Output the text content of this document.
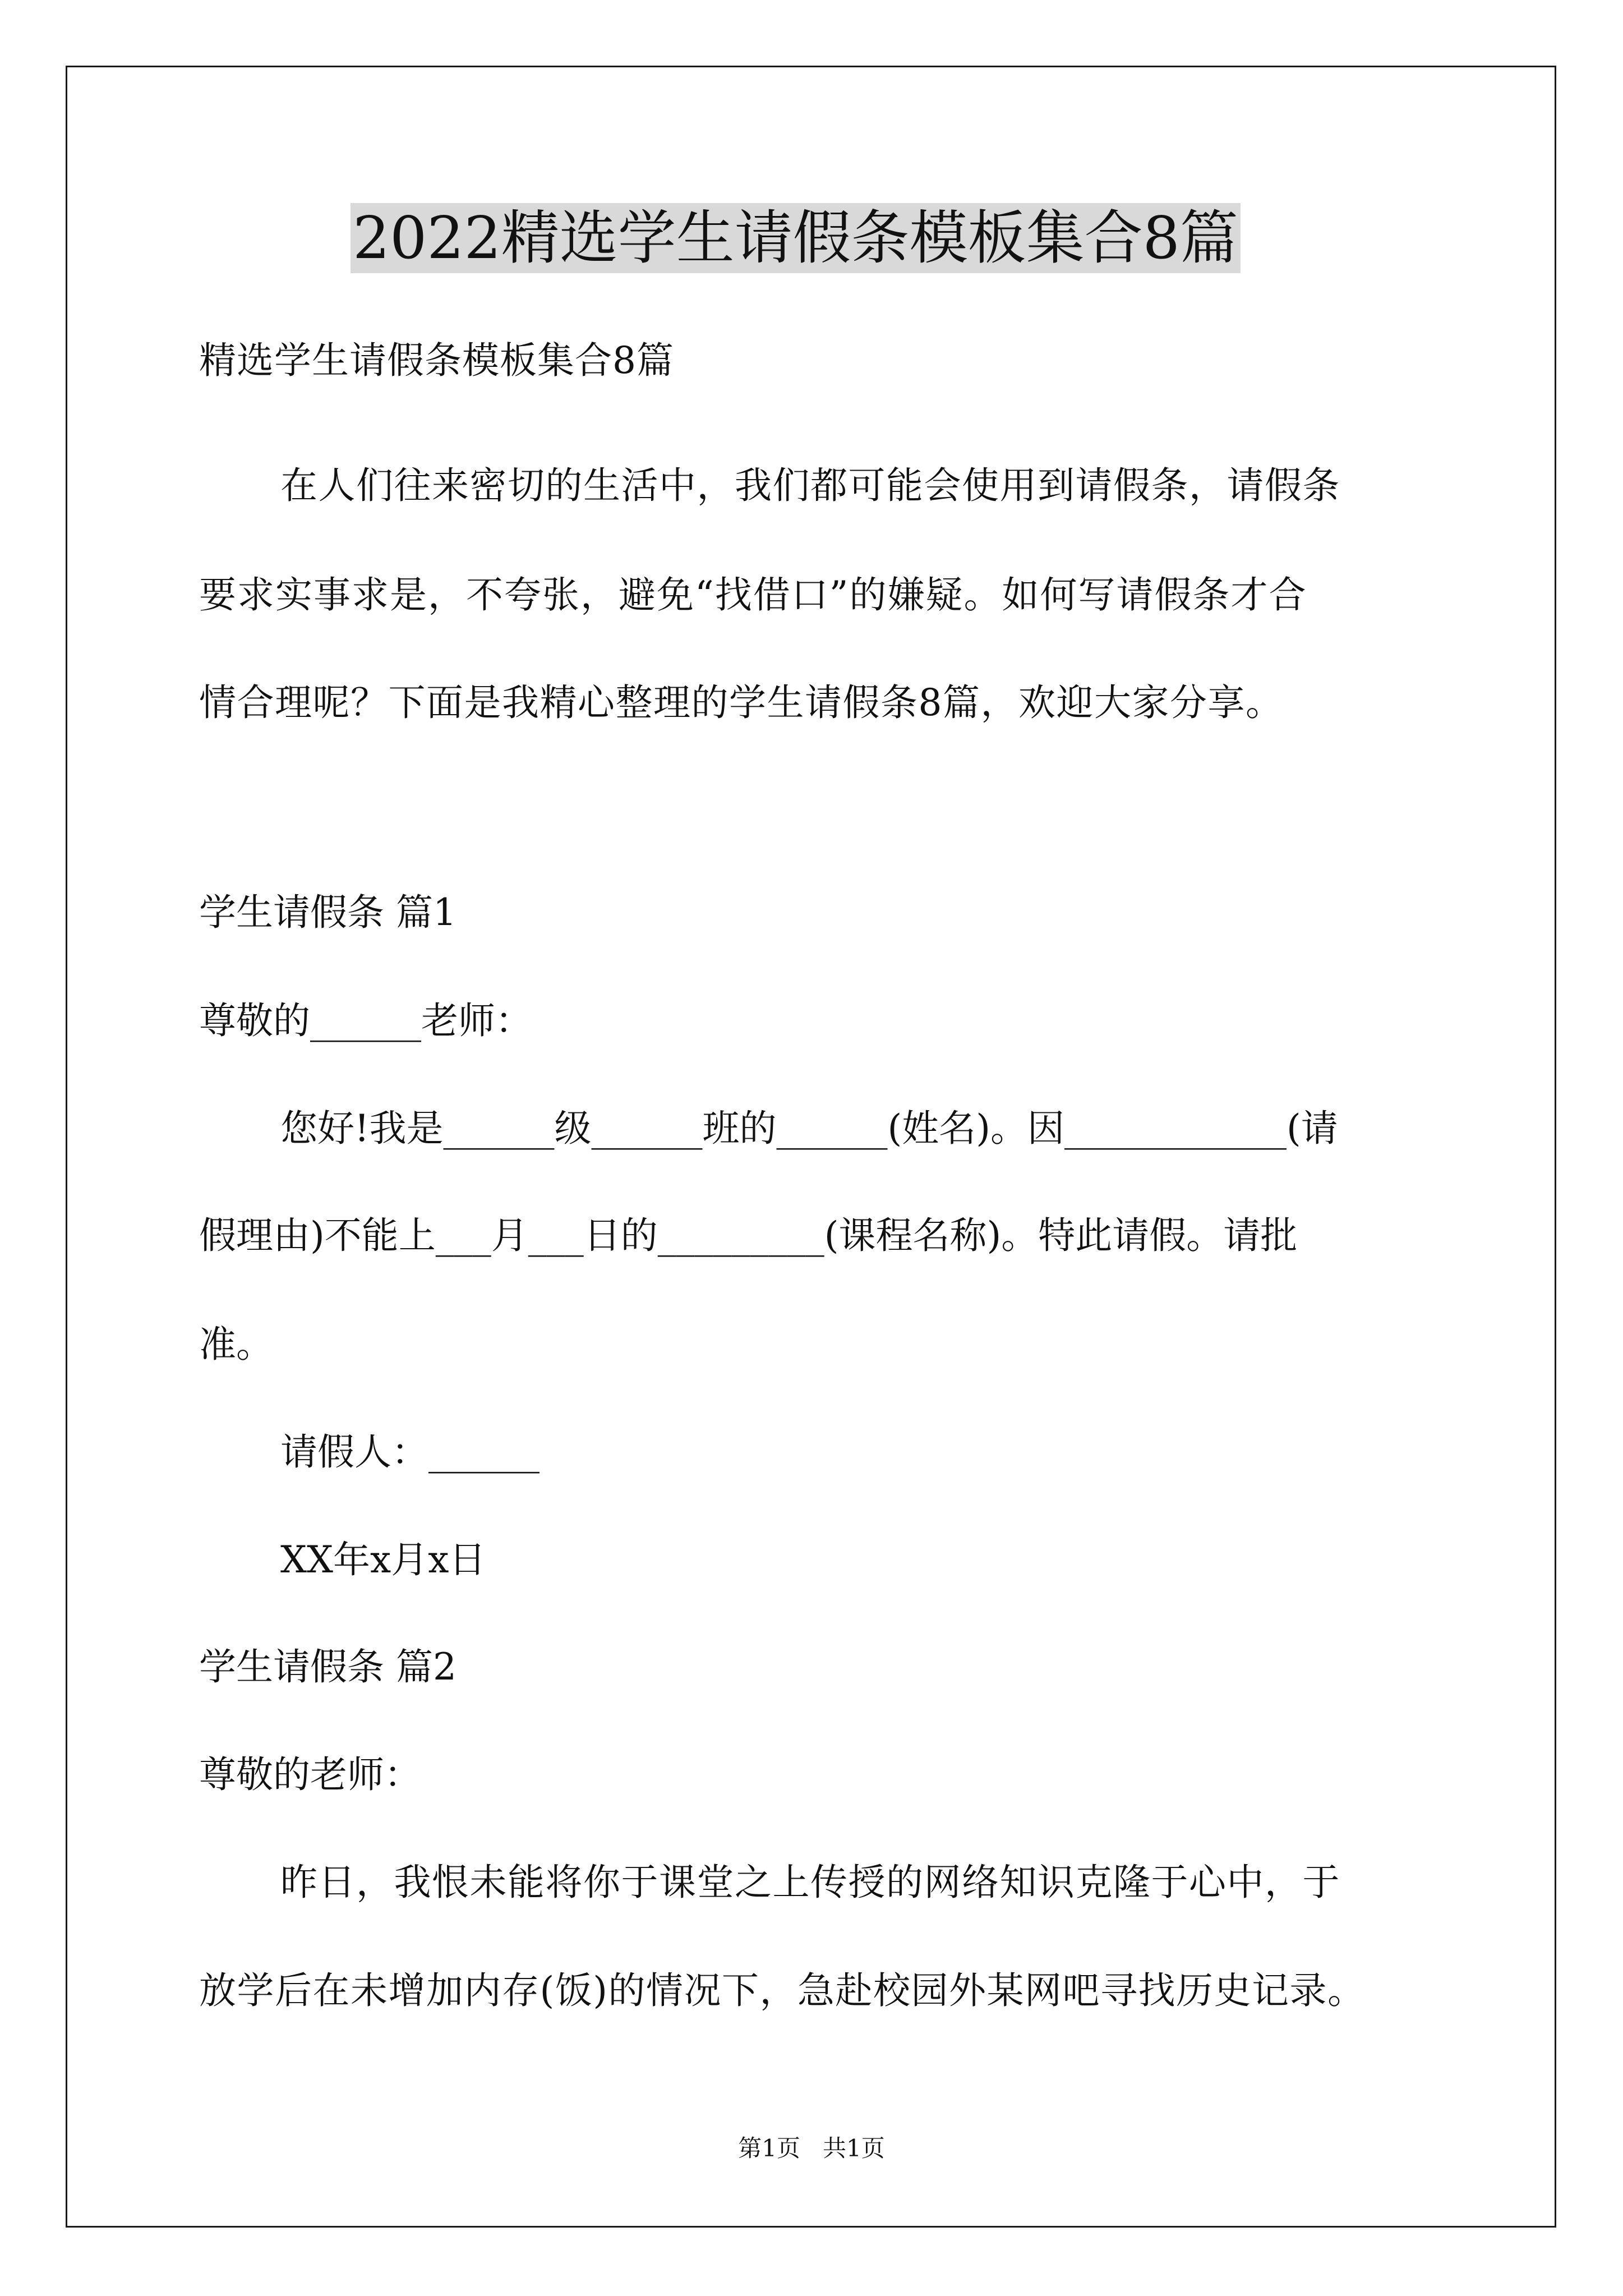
2022精选学生请假条模板集合8篇
精选学生请假条模板集合8篇
在人们往来密切的生活中，我们都可能会使用到请假条，请假条
要求实事求是，不夸张，避免“找借口”的嫌疑。如何写请假条才合
情合理呢？下面是我精心整理的学生请假条8篇，欢迎大家分享。
学生请假条 篇1
尊敬的______老师：
您好!我是______级______班的______(姓名)。因____________(请
假理由)不能上___月___日的_________(课程名称)。特此请假。请批
准。
请假人：______
XX年x月x日
学生请假条 篇2
尊敬的老师：
昨日，我恨未能将你于课堂之上传授的网络知识克隆于心中，于
放学后在未增加内存(饭)的情况下，急赴校园外某网吧寻找历史记录。
第1页   共1页
